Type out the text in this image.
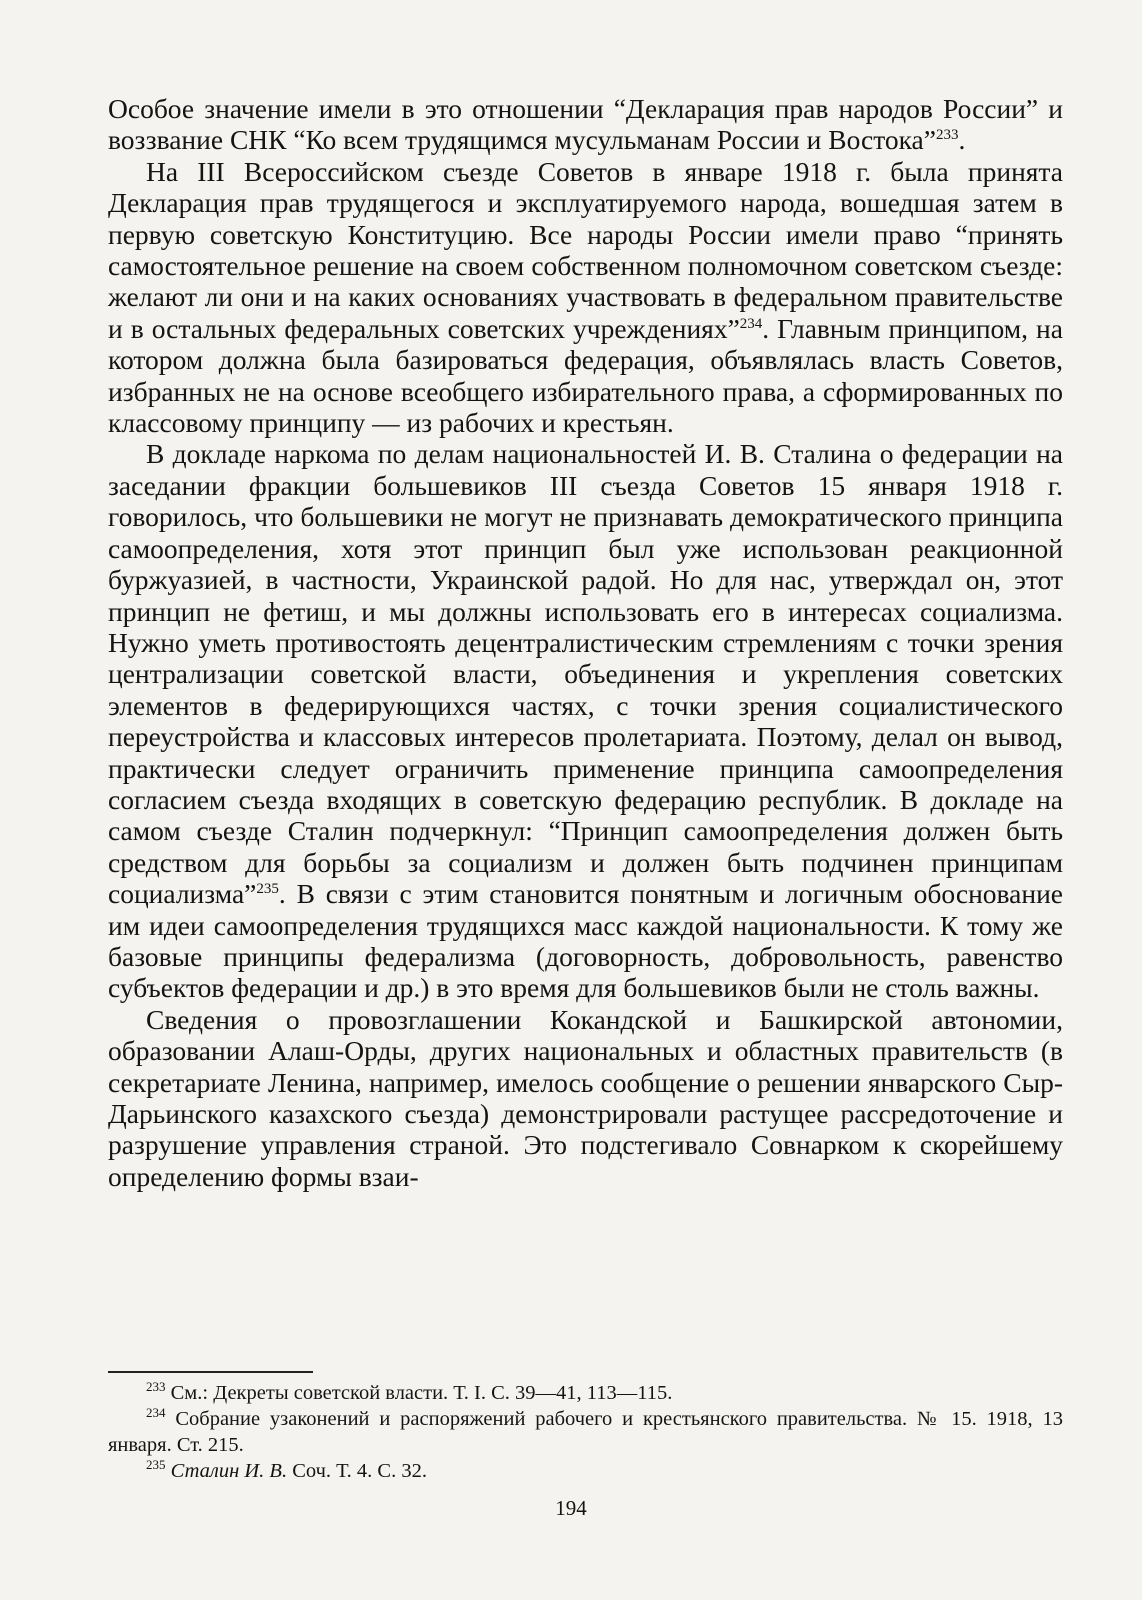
Особое значение имели в это отношении “Декларация прав народов России” и воззвание СНК “Ко всем трудящимся мусульманам России и Востока”$^{233}$.

На III Всероссийском съезде Советов в январе 1918 г. была принята Декларация прав трудящегося и эксплуатируемого народа, вошедшая затем в первую советскую Конституцию. Все народы России имели право “принять самостоятельное решение на своем собственном полномочном советском съезде: желают ли они и на каких основаниях участвовать в федеральном правительстве и в остальных федеральных советских учреждениях”$^{234}$. Главным принципом, на котором должна была базироваться федерация, объявлялась власть Советов, избранных не на основе всеобщего избирательного права, а сформированных по классовому принципу — из рабочих и крестьян.

В докладе наркома по делам национальностей И. В. Сталина о федерации на заседании фракции большевиков III съезда Советов 15 января 1918 г. говорилось, что большевики не могут не признавать демократического принципа самоопределения, хотя этот принцип был уже использован реакционной буржуазией, в частности, Украинской радой. Но для нас, утверждал он, этот принцип не фетиш, и мы должны использовать его в интересах социализма. Нужно уметь противостоять децентралистическим стремлениям с точки зрения централизации советской власти, объединения и укрепления советских элементов в федерирующихся частях, с точки зрения социалистического переустройства и классовых интересов пролетариата. Поэтому, делал он вывод, практически следует ограничить применение принципа самоопределения согласием съезда входящих в советскую федерацию республик. В докладе на самом съезде Сталин подчеркнул: “Принцип самоопределения должен быть средством для борьбы за социализм и должен быть подчинен принципам социализма”$^{235}$. В связи с этим становится понятным и логичным обоснование им идеи самоопределения трудящихся масс каждой национальности. К тому же базовые принципы федерализма (договорность, добровольность, равенство субъектов федерации и др.) в это время для большевиков были не столь важны.

Сведения о провозглашении Кокандской и Башкирской автономии, образовании Алаш-Орды, других национальных и областных правительств (в секретариате Ленина, например, имелось сообщение о решении январского Сыр-Дарьинского казахского съезда) демонстрировали растущее рассредоточение и разрушение управления страной. Это подстегивало Совнарком к скорейшему определению формы взаи-

$^{233}$ См.: Декреты советской власти. Т. I. С. 39—41, 113—115.

$^{234}$ Собрание узаконений и распоряжений рабочего и крестьянского правительства. № 15. 1918, 13 января. Ст. 215.

$^{235}$ Сталин И. В. Соч. Т. 4. С. 32.

194
